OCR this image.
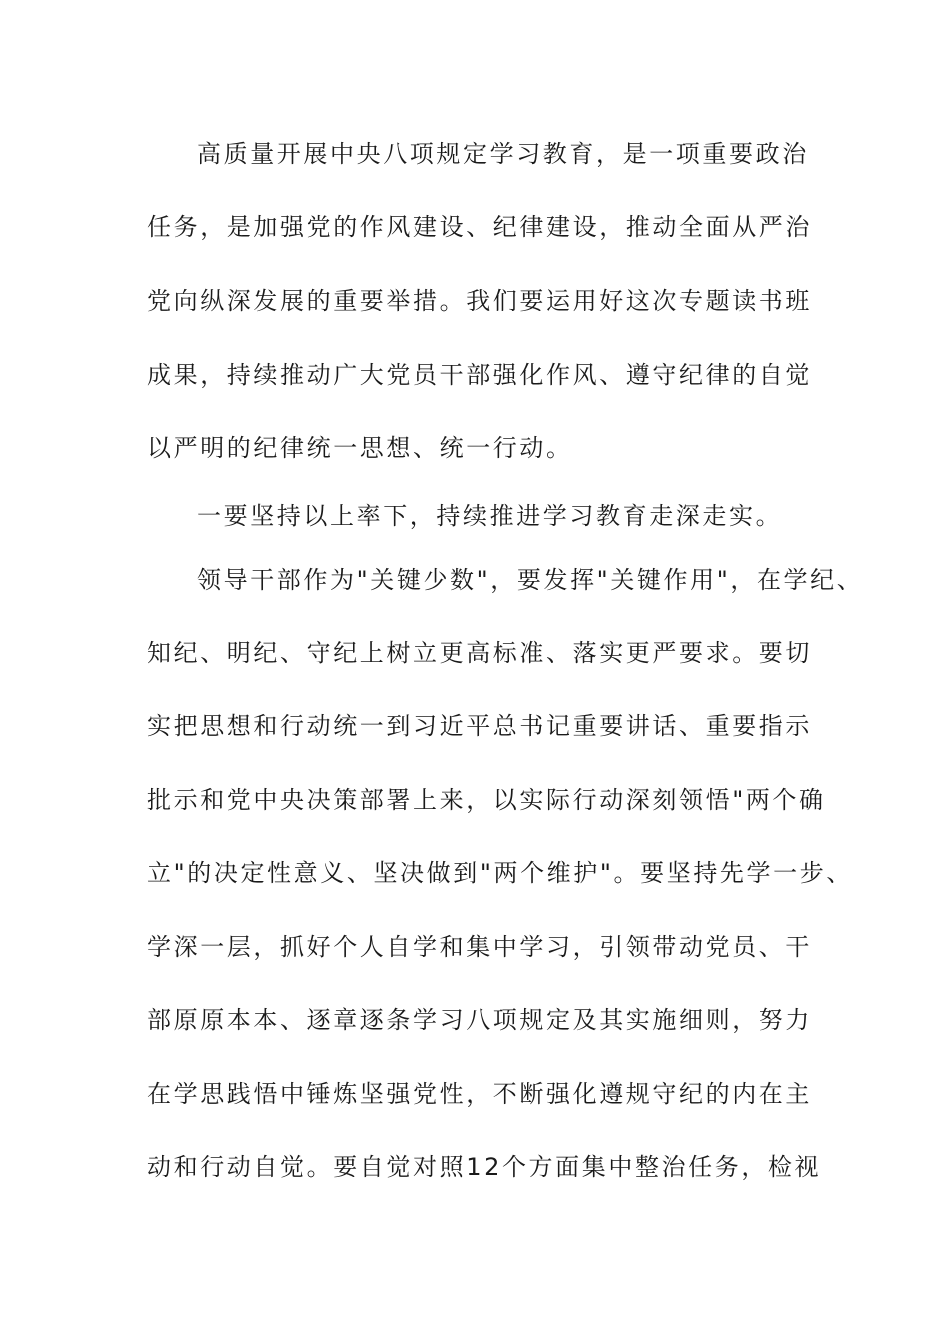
高质量开展中央八项规定学习教育，是一项重要政治
任务，是加强党的作风建设、纪律建设，推动全面从严治
党向纵深发展的重要举措。我们要运用好这次专题读书班
成果，持续推动广大党员干部强化作风、遵守纪律的自觉
以严明的纪律统一思想、统一行动。
一要坚持以上率下，持续推进学习教育走深走实。
领导干部作为"关键少数"，要发挥"关键作用"，在学纪、
知纪、明纪、守纪上树立更高标准、落实更严要求。要切
实把思想和行动统一到习近平总书记重要讲话、重要指示
批示和党中央决策部署上来，以实际行动深刻领悟"两个确
立"的决定性意义、坚决做到"两个维护"。要坚持先学一步、
学深一层，抓好个人自学和集中学习，引领带动党员、干
部原原本本、逐章逐条学习八项规定及其实施细则，努力
在学思践悟中锤炼坚强党性，不断强化遵规守纪的内在主
动和行动自觉。要自觉对照12个方面集中整治任务，检视
